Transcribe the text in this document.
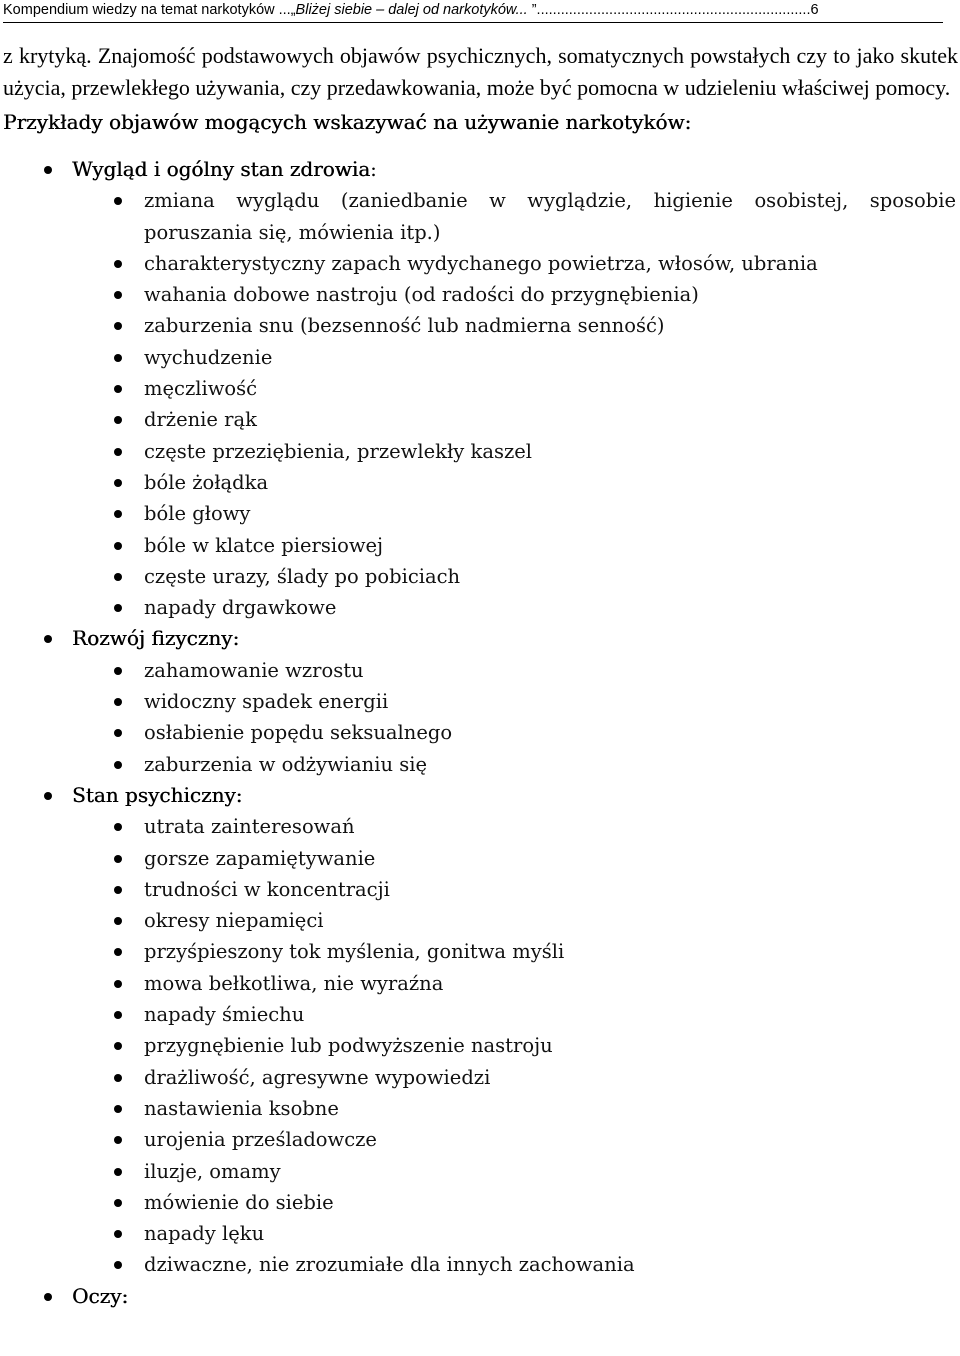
Kompendium wiedzy na temat narkotyków ...„Bliżej siebie – dalej od narkotyków... ”....................................................................6

z krytyką. Znajomość podstawowych objawów psychicznych, somatycznych powstałych czy to jako skutek użycia, przewlekłego używania, czy przedawkowania, może być pomocna w udzieleniu właściwej pomocy.

Przykłady objawów mogących wskazywać na używanie narkotyków:
Wygląd i ogólny stan zdrowia:
zmiana wyglądu (zaniedbanie w wyglądzie, higienie osobistej, sposobie poruszania się, mówienia itp.)
charakterystyczny zapach wydychanego powietrza, włosów, ubrania
wahania dobowe nastroju (od radości do przygnębienia)
zaburzenia snu (bezsenność lub nadmierna senność)
wychudzenie
męczliwość
drżenie rąk
częste przeziębienia, przewlekły kaszel
bóle żołądka
bóle głowy
bóle w klatce piersiowej
częste urazy, ślady po pobiciach
napady drgawkowe
Rozwój fizyczny:
zahamowanie wzrostu
widoczny spadek energii
osłabienie popędu seksualnego
zaburzenia w odżywianiu się
Stan psychiczny:
utrata zainteresowań
gorsze zapamiętywanie
trudności w koncentracji
okresy niepamięci
przyśpieszony tok myślenia, gonitwa myśli
mowa bełkotliwa, nie wyraźna
napady śmiechu
przygnębienie lub podwyższenie nastroju
drażliwość, agresywne wypowiedzi
nastawienia ksobne
urojenia prześladowcze
iluzje, omamy
mówienie do siebie
napady lęku
dziwaczne, nie zrozumiałe dla innych zachowania
Oczy:
